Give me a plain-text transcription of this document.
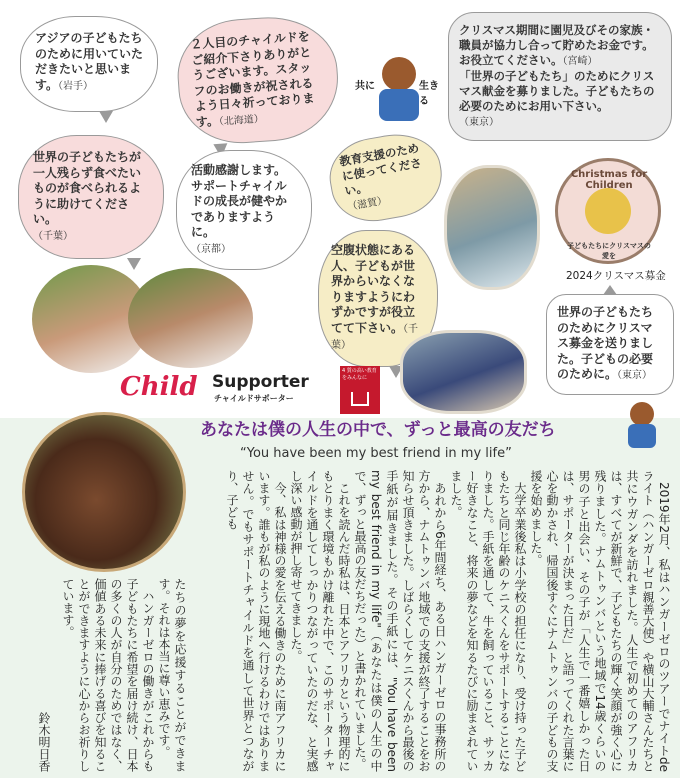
アジアの子どもたちのために用いていただきたいと思います。（岩手）
２人目のチャイルドをご紹介下さりありがとうございます。スタッフのお働きが祝されるよう日々祈っております。（北海道）
共に	生きる
クリスマス期間に園児及びその家族・職員が協力し合って貯めたお金です。お役立てください。（宮崎）
「世界の子どもたち」のためにクリスマス献金を募りました。子どもたちの必要のためにお用い下さい。
（東京）
世界の子どもたちが一人残らず食べたいものが食べられるように助けてください。
（千葉）
活動感謝します。サポートチャイルドの成長が健やかでありますように。
（京都）
教育支援のために使ってください。
（滋賀）
空腹状態にある人、子どもが世界からいなくなりますようにわずかですが役立てて下さい。（千葉）
世界の子どもたちのためにクリスマス募金を送りました。子どもの必要のために。（東京）
Christmas for Children
子どもたちにクリスマスの愛を
2024クリスマス募金
Child Supporter
チャイルドサポーター
4 質の高い教育をみんなに
あなたは僕の人生の中で、ずっと最高の友だち
“You have been my best friend in my life”

2019年2月、私はハンガーゼロのツアーでナイトde ライト（ハンガーゼロ親善大使）や横山大輔さんたちと共にウガンダを訪れました。人生で初めてのアフリカは、すべてが新鮮で、子どもたちの輝く笑顔が強く心に残りました。ナムトゥンバという地域で14歳くらいの男の子と出会い、その子が「人生で一番嬉しかった日は、サポーターが決まった日だ」と語ってくれた言葉に心を動かされ、帰国後すぐにナムトゥンバの子どもの支援を始めました。

大学卒業後私は小学校の担任になり、受け持った子どもたちと同じ年齢のケニスくんをサポートすることになりました。手紙を通して、牛を飼っていること、サッカー好きなこと、将来の夢などを知るたびに励まされていました。

あれから6年間経ち、ある日ハンガーゼロの事務所の方から、ナムトゥンバ地域での支援が終了することをお知らせ頂きました。しばらくしてケニスくんから最後の手紙が届きました。その手紙には、"You have been my best friend in my life"（あなたは僕の人生の中で、ずっと最高の友だちだった）と書かれていました。

これを読んだ時私は、日本とアフリカという物理的にもとりまく環境もかけ離れた中で、このサポーターチャイルドを通してしっかりつながっていたのだな、と実感し深い感動が押し寄せてきました。

今、私は神様の愛を伝える働きのために南アフリカにいます。誰もが私のように現地へ行けるわけではありません。でもサポートチャイルドを通して世界とつながり、子ども

たちの夢を応援することができます。それは本当に尊い恵みです。

ハンガーゼロの働きがこれからも子どもたちに希望を届け続け、日本の多くの人が自分のためではなく、価値ある未来に捧げる喜びを知ることができますように心からお祈りしています。

鈴木明日香
